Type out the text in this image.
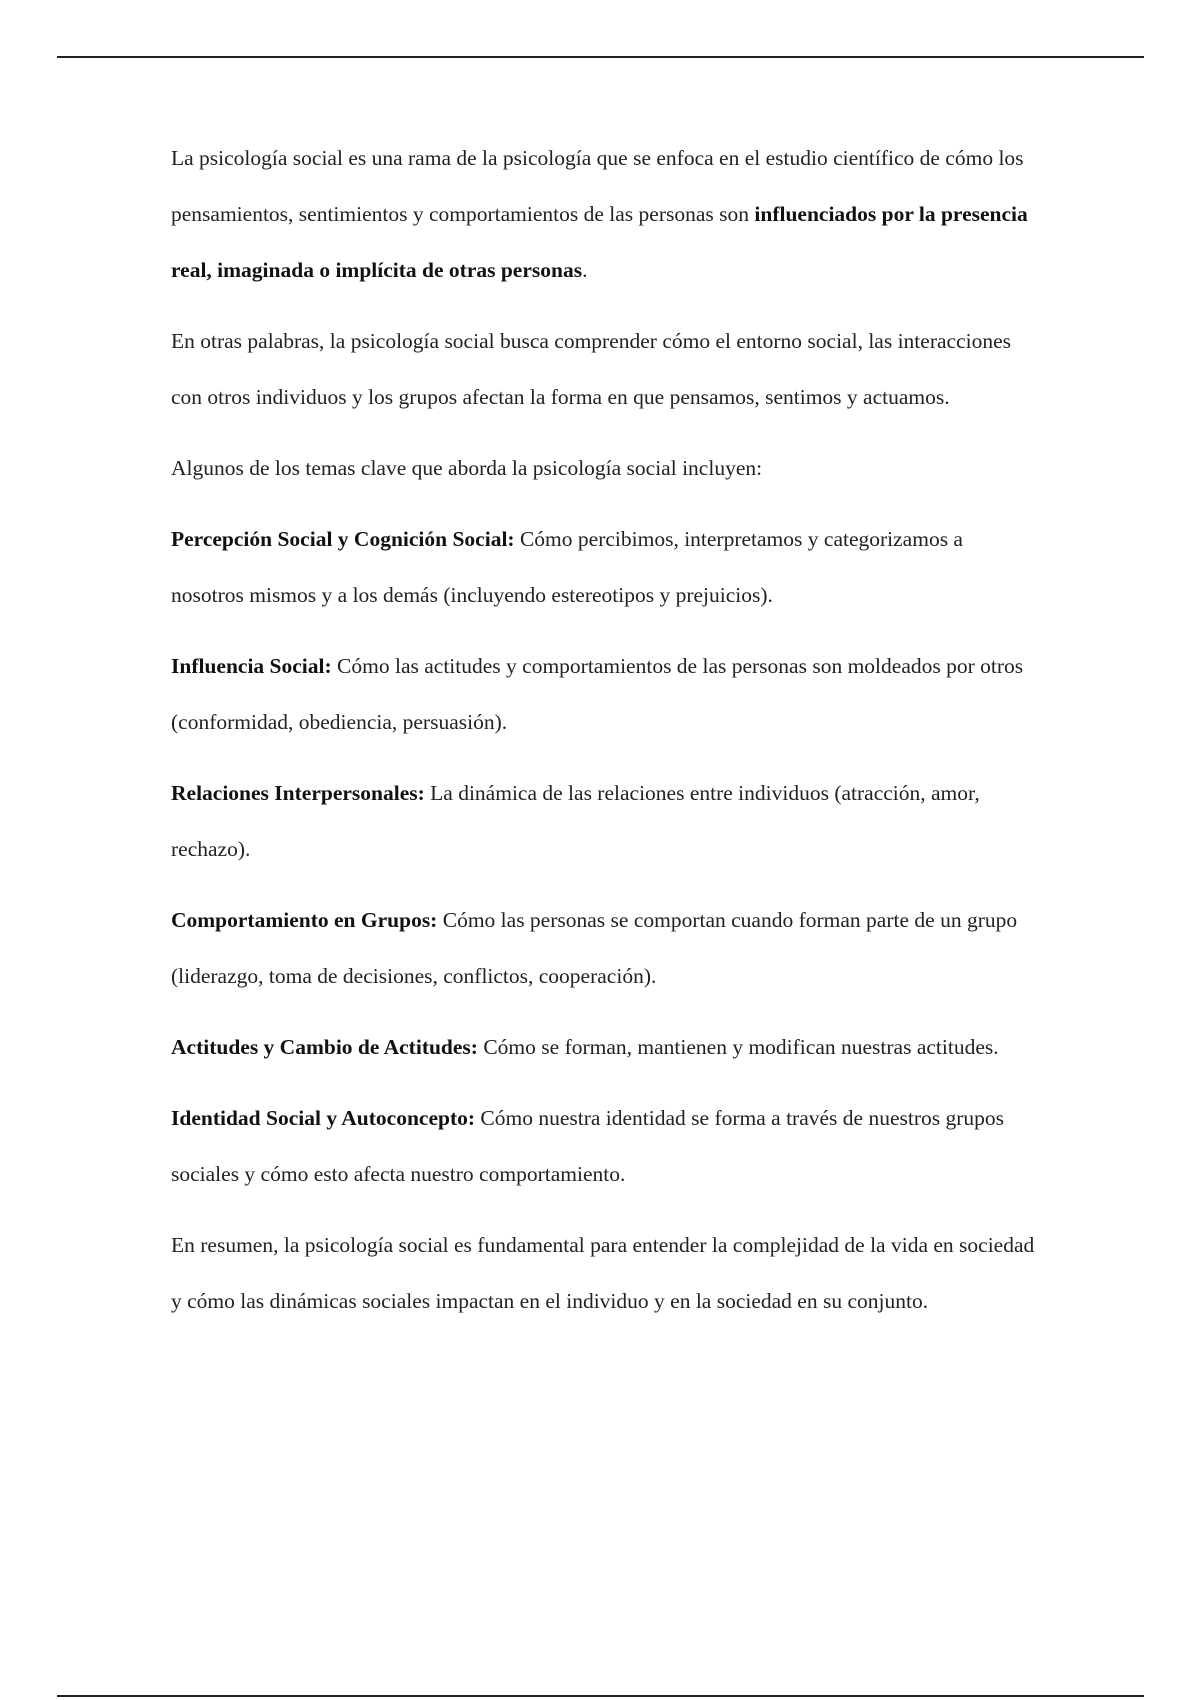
La psicología social es una rama de la psicología que se enfoca en el estudio científico de cómo los pensamientos, sentimientos y comportamientos de las personas son influenciados por la presencia real, imaginada o implícita de otras personas.

En otras palabras, la psicología social busca comprender cómo el entorno social, las interacciones con otros individuos y los grupos afectan la forma en que pensamos, sentimos y actuamos.

Algunos de los temas clave que aborda la psicología social incluyen:

Percepción Social y Cognición Social: Cómo percibimos, interpretamos y categorizamos a nosotros mismos y a los demás (incluyendo estereotipos y prejuicios).

Influencia Social: Cómo las actitudes y comportamientos de las personas son moldeados por otros (conformidad, obediencia, persuasión).

Relaciones Interpersonales: La dinámica de las relaciones entre individuos (atracción, amor, rechazo).

Comportamiento en Grupos: Cómo las personas se comportan cuando forman parte de un grupo (liderazgo, toma de decisiones, conflictos, cooperación).

Actitudes y Cambio de Actitudes: Cómo se forman, mantienen y modifican nuestras actitudes.

Identidad Social y Autoconcepto: Cómo nuestra identidad se forma a través de nuestros grupos sociales y cómo esto afecta nuestro comportamiento.

En resumen, la psicología social es fundamental para entender la complejidad de la vida en sociedad y cómo las dinámicas sociales impactan en el individuo y en la sociedad en su conjunto.
